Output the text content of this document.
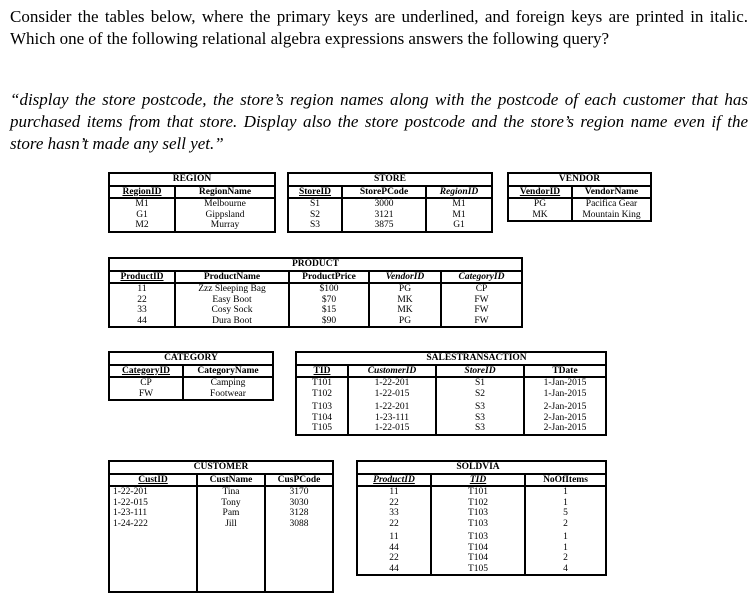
Consider the tables below, where the primary keys are underlined, and foreign keys are printed in italic. Which one of the following relational algebra expressions answers the following query?

“display the store postcode, the store’s region names along with the postcode of each customer that has purchased items from that store. Display also the store postcode and the store’s region name even if the store hasn’t made any sell yet.”

REGION	
RegionID	RegionName
M1	Melbourne
G1	Gippsland
M2	Murray
STORE		
StoreID	StorePCode	RegionID
S1	3000	M1
S2	3121	M1
S3	3875	G1
VENDOR	
VendorID	VendorName
PG	Pacifica Gear
MK	Mountain King
		PRODUCT		
ProductID	ProductName	ProductPrice	VendorID	CategoryID
11	Zzz Sleeping Bag	$100	PG	CP
22	Easy Boot	$70	MK	FW
33	Cosy Sock	$15	MK	FW
44	Dura Boot	$90	PG	FW
CATEGORY	
CategoryID	CategoryName
CP	Camping
FW	Footwear
	SALESTRANSACTION		
TID	CustomerID	StoreID	TDate
T101	1-22-201	S1	1-Jan-2015
T102	1-22-015	S2	1-Jan-2015
T103	1-22-201	S3	2-Jan-2015
T104	1-23-111	S3	2-Jan-2015
T105	1-22-015	S3	2-Jan-2015
CUSTOMER		
CustID	CustName	CusPCode
1-22-201	Tina	3170
1-22-015	Tony	3030
1-23-111	Pam	3128
1-24-222	Jill	3088
	SOLDVIA	
ProductID	TID	NoOfItems
11	T101	1
22	T102	1
33	T103	5
22	T103	2
11	T103	1
44	T104	1
22	T104	2
44	T105	4
